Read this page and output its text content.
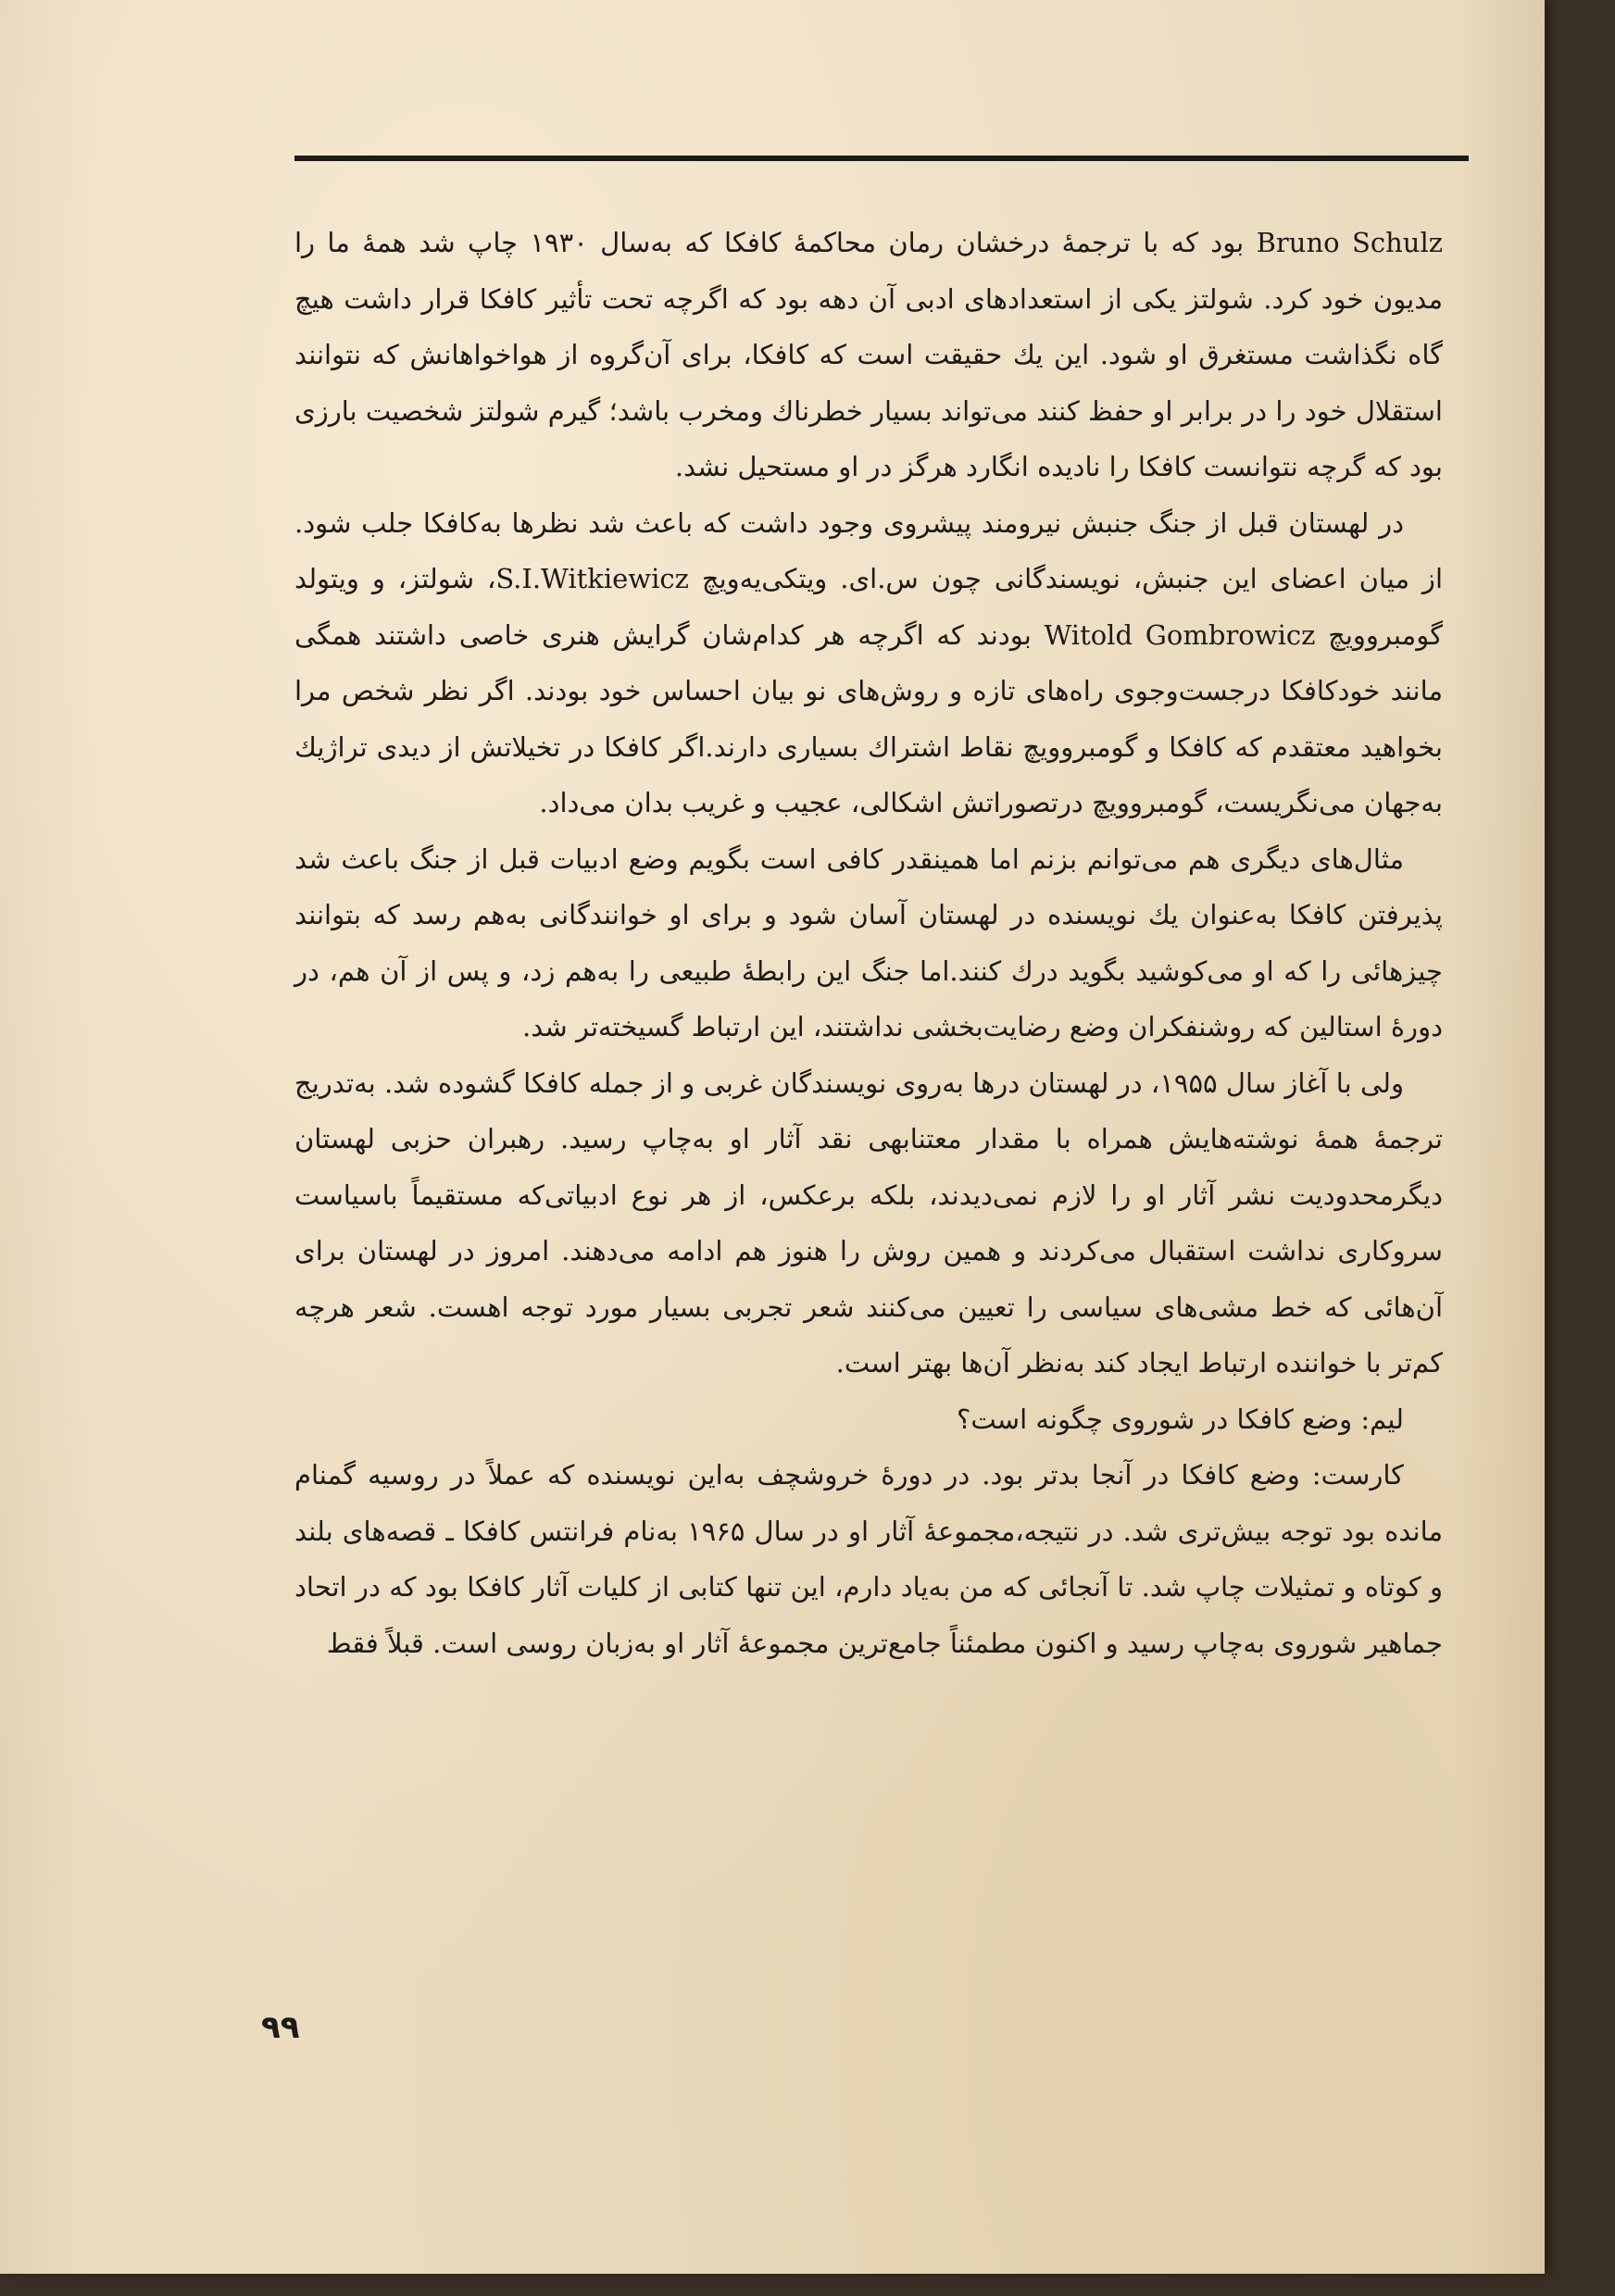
Bruno Schulz بود که با ترجمهٔ درخشان رمان محاکمهٔ کافکا که به‌سال ۱۹۳۰ چاپ شد همهٔ ما را مدیون خود کرد. شولتز یکی از استعدادهای ادبی آن دهه بود که اگرچه تحت تأثیر کافکا قرار داشت هیچ گاه نگذاشت مستغرق او شود. این یك حقیقت است که کافکا، برای آن‌گروه از هواخواهانش که نتوانند استقلال خود را در برابر او حفظ کنند می‌تواند بسیار خطرناك ومخرب باشد؛ گیرم شولتز شخصیت بارزی بود که گرچه نتوانست کافکا را نادیده انگارد هرگز در او مستحیل نشد.

در لهستان قبل از جنگ جنبش نیرومند پیشروی وجود داشت که باعث شد نظرها به‌کافکا جلب شود. از میان اعضای این جنبش، نویسندگانی چون س.ای. ویتکی‌یه‌ویچ S.I.Witkiewicz، شولتز، و ویتولد گومبروویچ Witold Gombrowicz بودند که اگرچه هر کدام‌شان گرایش هنری خاصی داشتند همگی مانند خودکافکا درجست‌وجوی راه‌های تازه و روش‌های نو بیان احساس خود بودند. اگر نظر شخص مرا بخواهید معتقدم که کافکا و گومبروویچ نقاط اشتراك بسیاری دارند.اگر کافکا در تخیلاتش از دیدی تراژیك به‌جهان می‌نگریست، گومبروویچ درتصوراتش اشکالی، عجیب و غریب بدان می‌داد.

مثال‌های دیگری هم می‌توانم بزنم اما همینقدر کافی است بگویم وضع ادبیات قبل از جنگ باعث شد پذیرفتن کافکا به‌عنوان یك نویسنده در لهستان آسان شود و برای او خوانندگانی به‌هم رسد که بتوانند چیزهائی را که او می‌کوشید بگوید درك کنند.اما جنگ این رابطهٔ طبیعی را به‌هم زد، و پس از آن هم، در دورهٔ استالین که روشنفکران وضع رضایت‌بخشی نداشتند، این ارتباط گسیخته‌تر شد.

ولی با آغاز سال ۱۹۵۵، در لهستان درها به‌روی نویسندگان غربی و از جمله کافکا گشوده شد. به‌تدریج ترجمهٔ همهٔ نوشته‌هایش همراه با مقدار معتنابهی نقد آثار او به‌چاپ رسید. رهبران حزبی لهستان دیگرمحدودیت نشر آثار او را لازم نمی‌دیدند، بلکه برعکس، از هر نوع ادبیاتی‌که مستقیماً باسیاست سروکاری نداشت استقبال می‌کردند و همین روش را هنوز هم ادامه می‌دهند. امروز در لهستان برای آن‌هائی که خط مشی‌های سیاسی را تعیین می‌کنند شعر تجربی بسیار مورد توجه اهست. شعر هرچه کم‌تر با خواننده ارتباط ایجاد کند به‌نظر آن‌ها بهتر است.

لیم: وضع کافکا در شوروی چگونه است؟

کارست: وضع کافکا در آنجا بدتر بود. در دورهٔ خروشچف به‌این نویسنده که عملاً در روسیه گمنام مانده بود توجه بیش‌تری شد. در نتیجه،مجموعهٔ آثار او در سال ۱۹۶۵ به‌نام فرانتس کافکا ـ قصه‌های بلند و کوتاه و تمثیلات چاپ شد. تا آنجائی که من به‌یاد دارم، این تنها کتابی از کلیات آثار کافکا بود که در اتحاد جماهیر شوروی به‌چاپ رسید و اکنون مطمئناً جامع‌ترین مجموعهٔ آثار او به‌زبان روسی است. قبلاً فقط

۹۹
